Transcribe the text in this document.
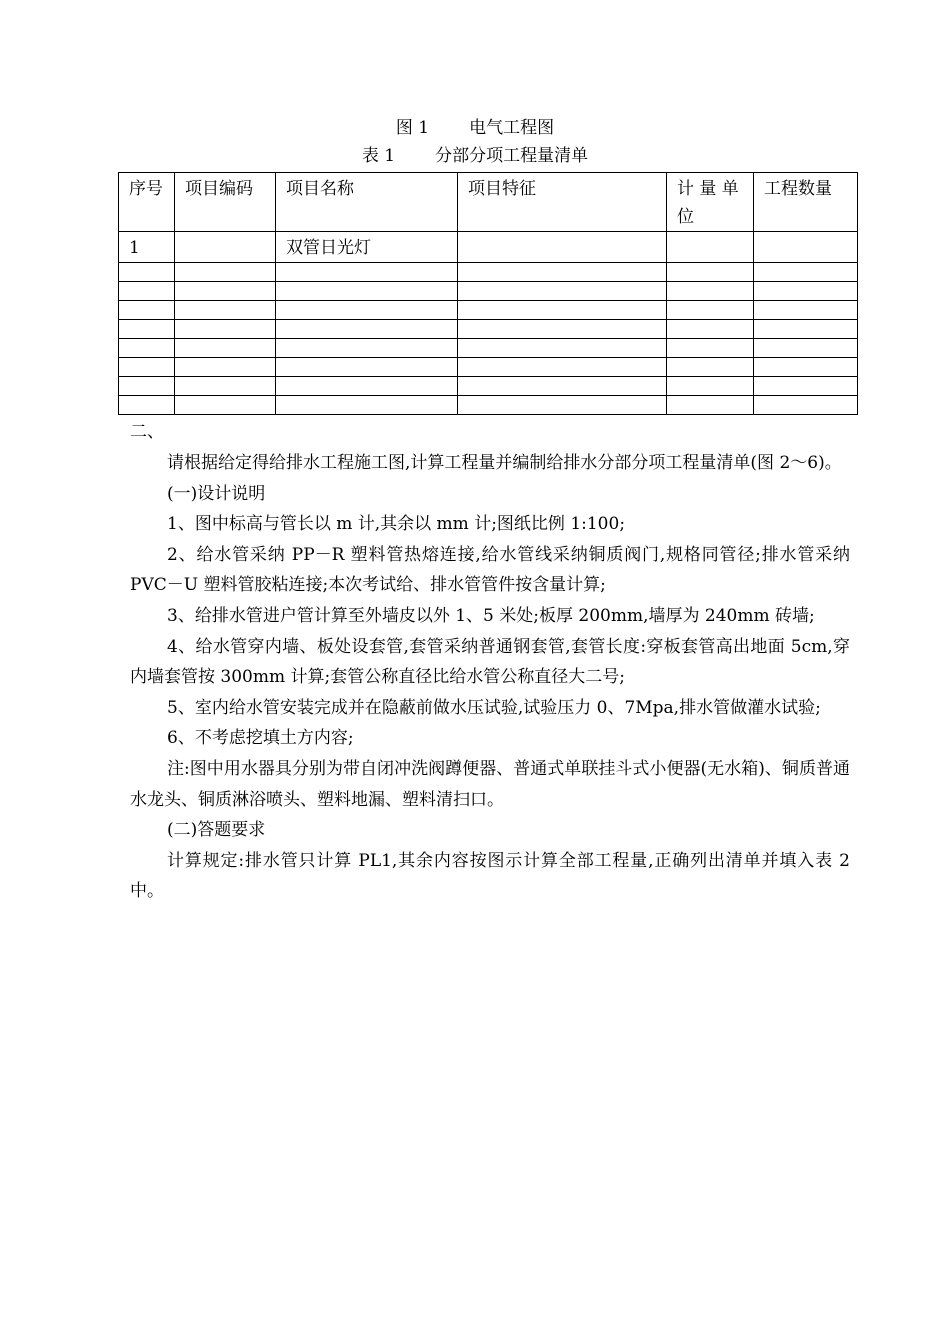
图 1 电气工程图
表 1 分部分项工程量清单
序号	项目编码	项目名称	项目特征	计 量 单位	工程数量
1		双管日光灯			

二、

请根据给定得给排水工程施工图,计算工程量并编制给排水分部分项工程量清单(图 2～6)。

(一)设计说明

1、图中标高与管长以 m 计,其余以 mm 计;图纸比例 1:100;

2、给水管采纳 PP－R 塑料管热熔连接,给水管线采纳铜质阀门,规格同管径;排水管采纳 PVC－U 塑料管胶粘连接;本次考试给、排水管管件按含量计算;

3、给排水管进户管计算至外墙皮以外 1、5 米处;板厚 200mm,墙厚为 240mm 砖墙;

4、给水管穿内墙、板处设套管,套管采纳普通钢套管,套管长度:穿板套管高出地面 5cm,穿内墙套管按 300mm 计算;套管公称直径比给水管公称直径大二号;

5、室内给水管安装完成并在隐蔽前做水压试验,试验压力 0、7Mpa,排水管做灌水试验;

6、不考虑挖填土方内容;

注:图中用水器具分别为带自闭冲洗阀蹲便器、普通式单联挂斗式小便器(无水箱)、铜质普通水龙头、铜质淋浴喷头、塑料地漏、塑料清扫口。

(二)答题要求

计算规定:排水管只计算 PL1,其余内容按图示计算全部工程量,正确列出清单并填入表 2 中。
